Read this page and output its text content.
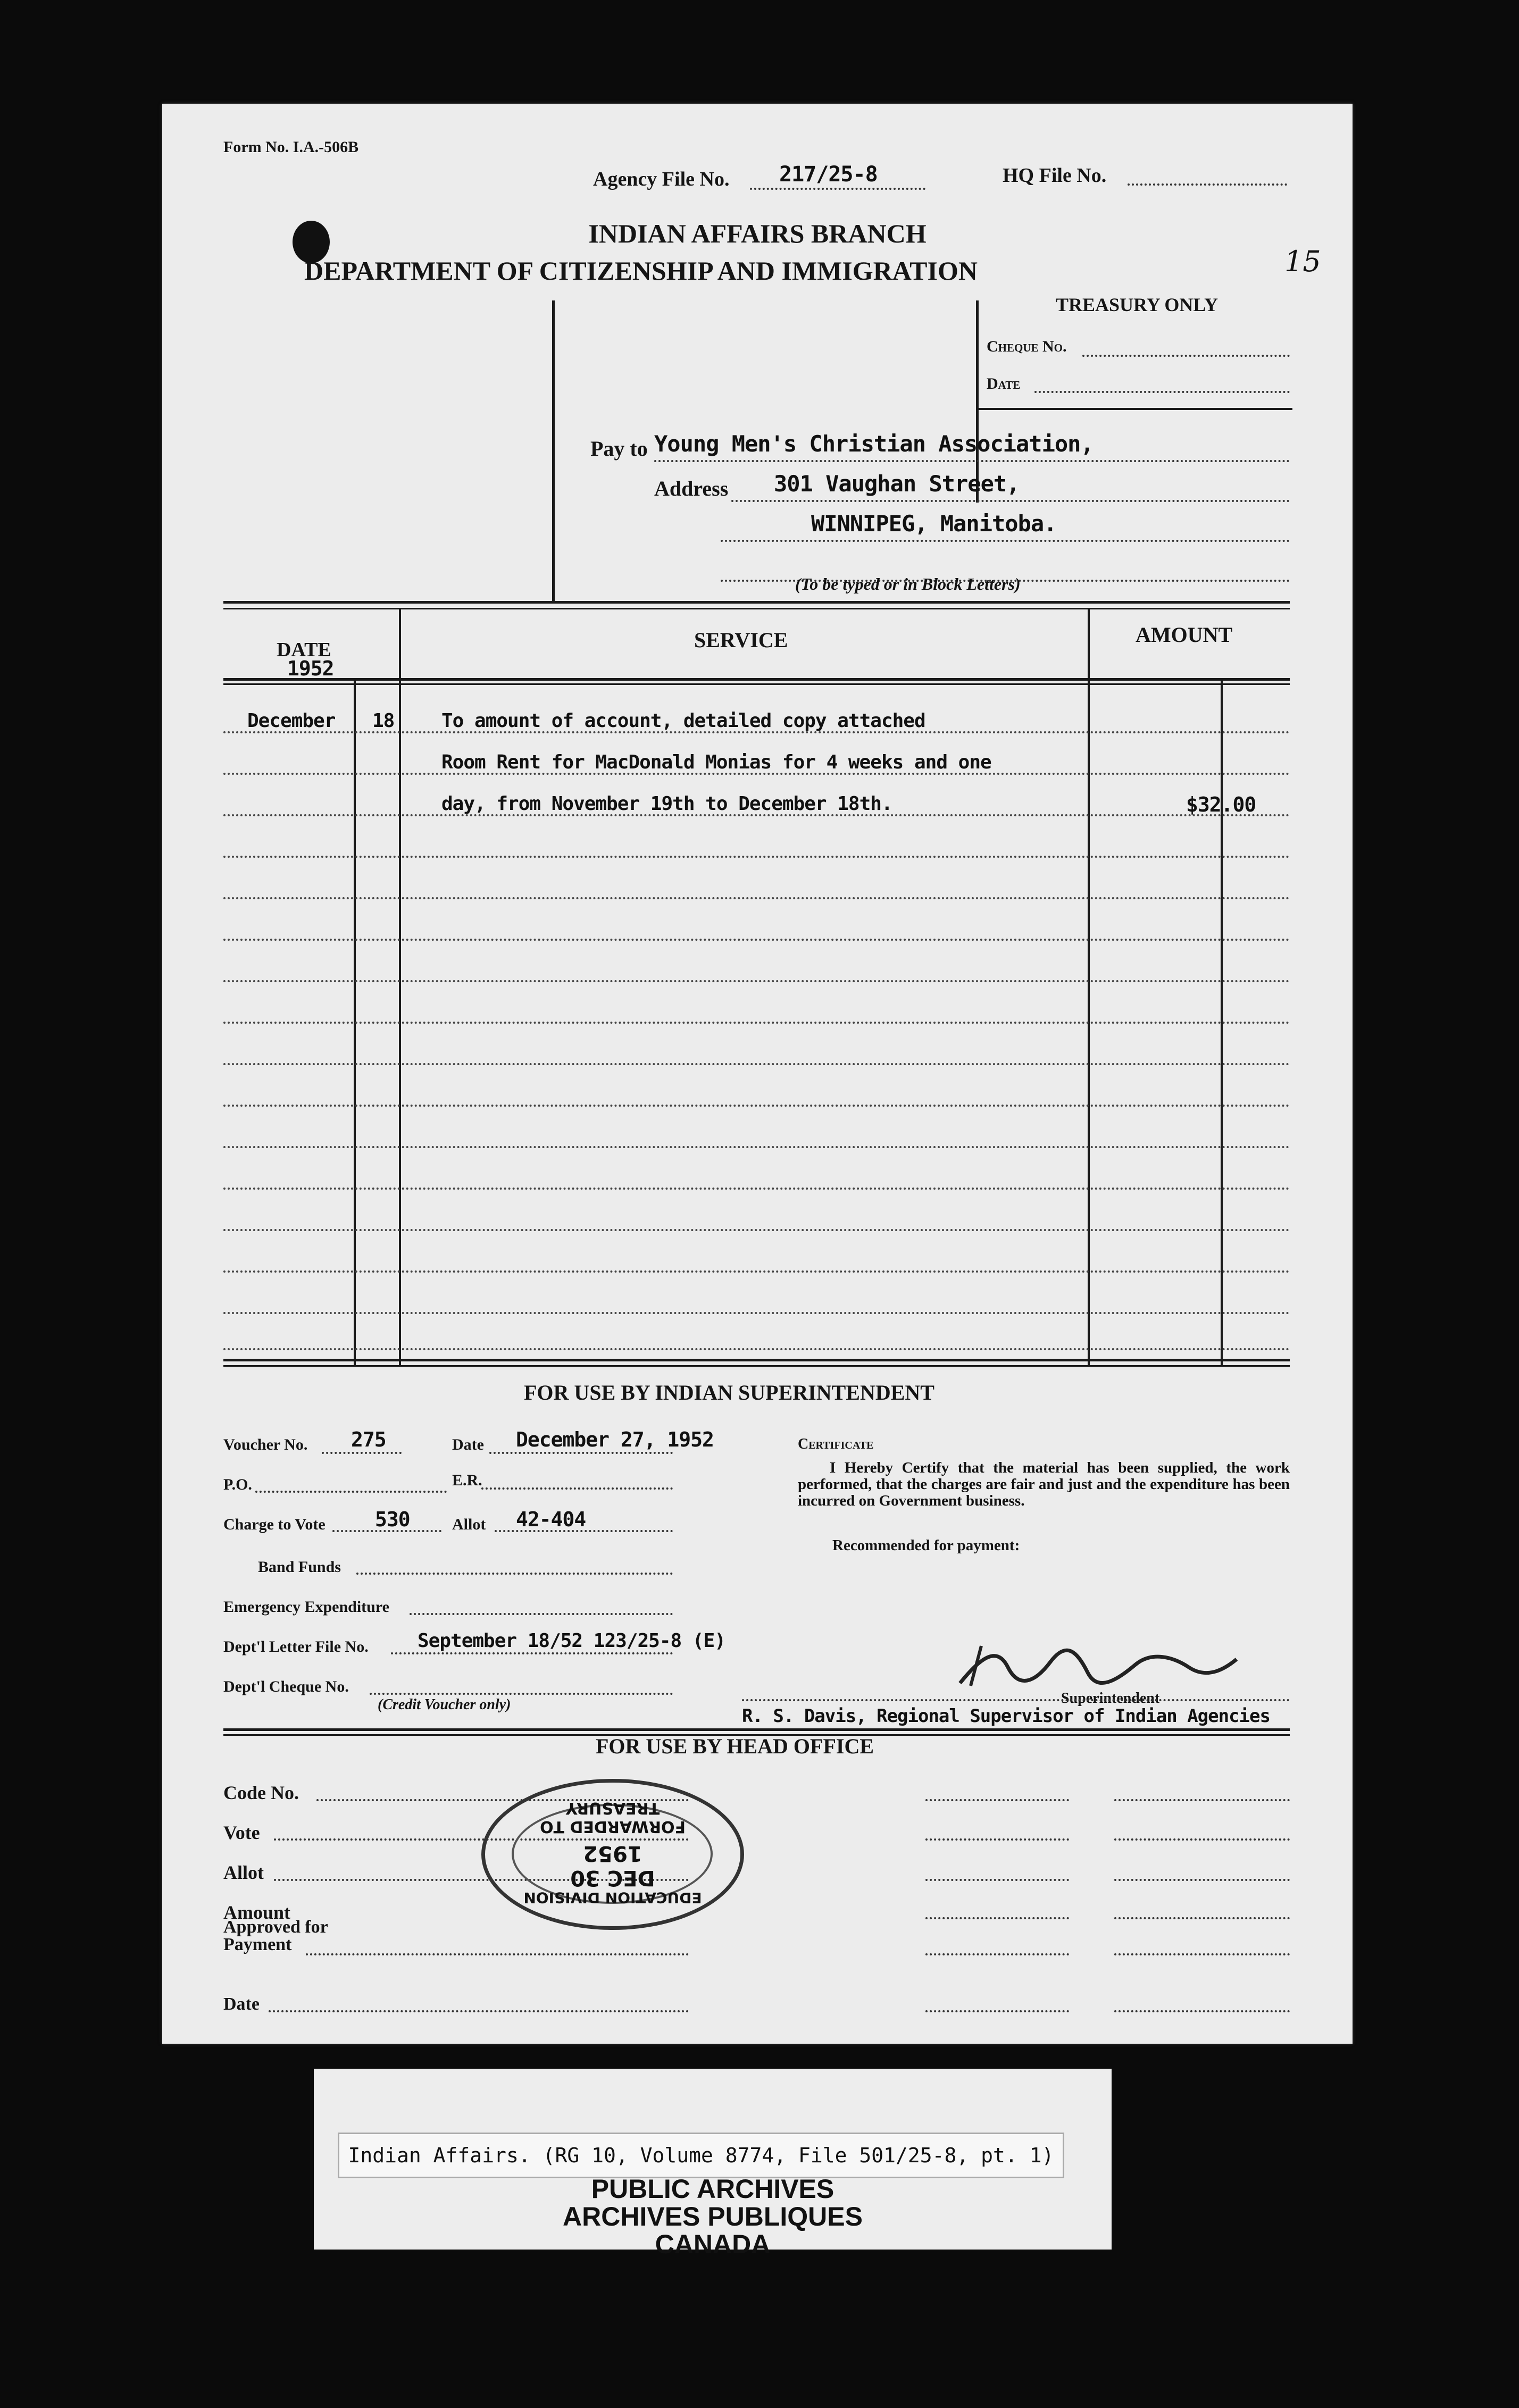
Form No. I.A.-506B
Agency File No. 217/25-8	HQ File No.
15
INDIAN AFFAIRS BRANCH
DEPARTMENT OF CITIZENSHIP AND IMMIGRATION
TREASURY ONLY
Cheque No.
Date
Pay to Young Men's Christian Association,
Address 301 Vaughan Street,
WINNIPEG, Manitoba.
(To be typed or in Block Letters)
DATE
1952
SERVICE	AMOUNT
December 18 To amount of account, detailed copy attached
Room Rent for MacDonald Monias for 4 weeks and one
day, from November 19th to December 18th.	$32.00
FOR USE BY INDIAN SUPERINTENDENT
Voucher No. 275	Date December 27, 1952
P.O.	E.R.
Charge to Vote 530	Allot 42-404
Band Funds
Emergency Expenditure
Dept'l Letter File No.	September 18/52 123/25-8 (E)
Dept'l Cheque No.
(Credit Voucher only)
Certificate
I Hereby Certify that the material has been supplied, the work performed, that the charges are fair and just and the expenditure has been incurred on Government business.
Recommended for payment:
Superintendent
R. S. Davis, Regional Supervisor of Indian Agencies
FOR USE BY HEAD OFFICE
Code No.
Vote
Allot
Amount
Approved for
Payment
Date
FORWARDED TO TREASURY
DEC 30 1952
EDUCATION DIVISION
Indian Affairs. (RG 10, Volume 8774, File 501/25-8, pt. 1)
PUBLIC ARCHIVES
ARCHIVES PUBLIQUES
CANADA
